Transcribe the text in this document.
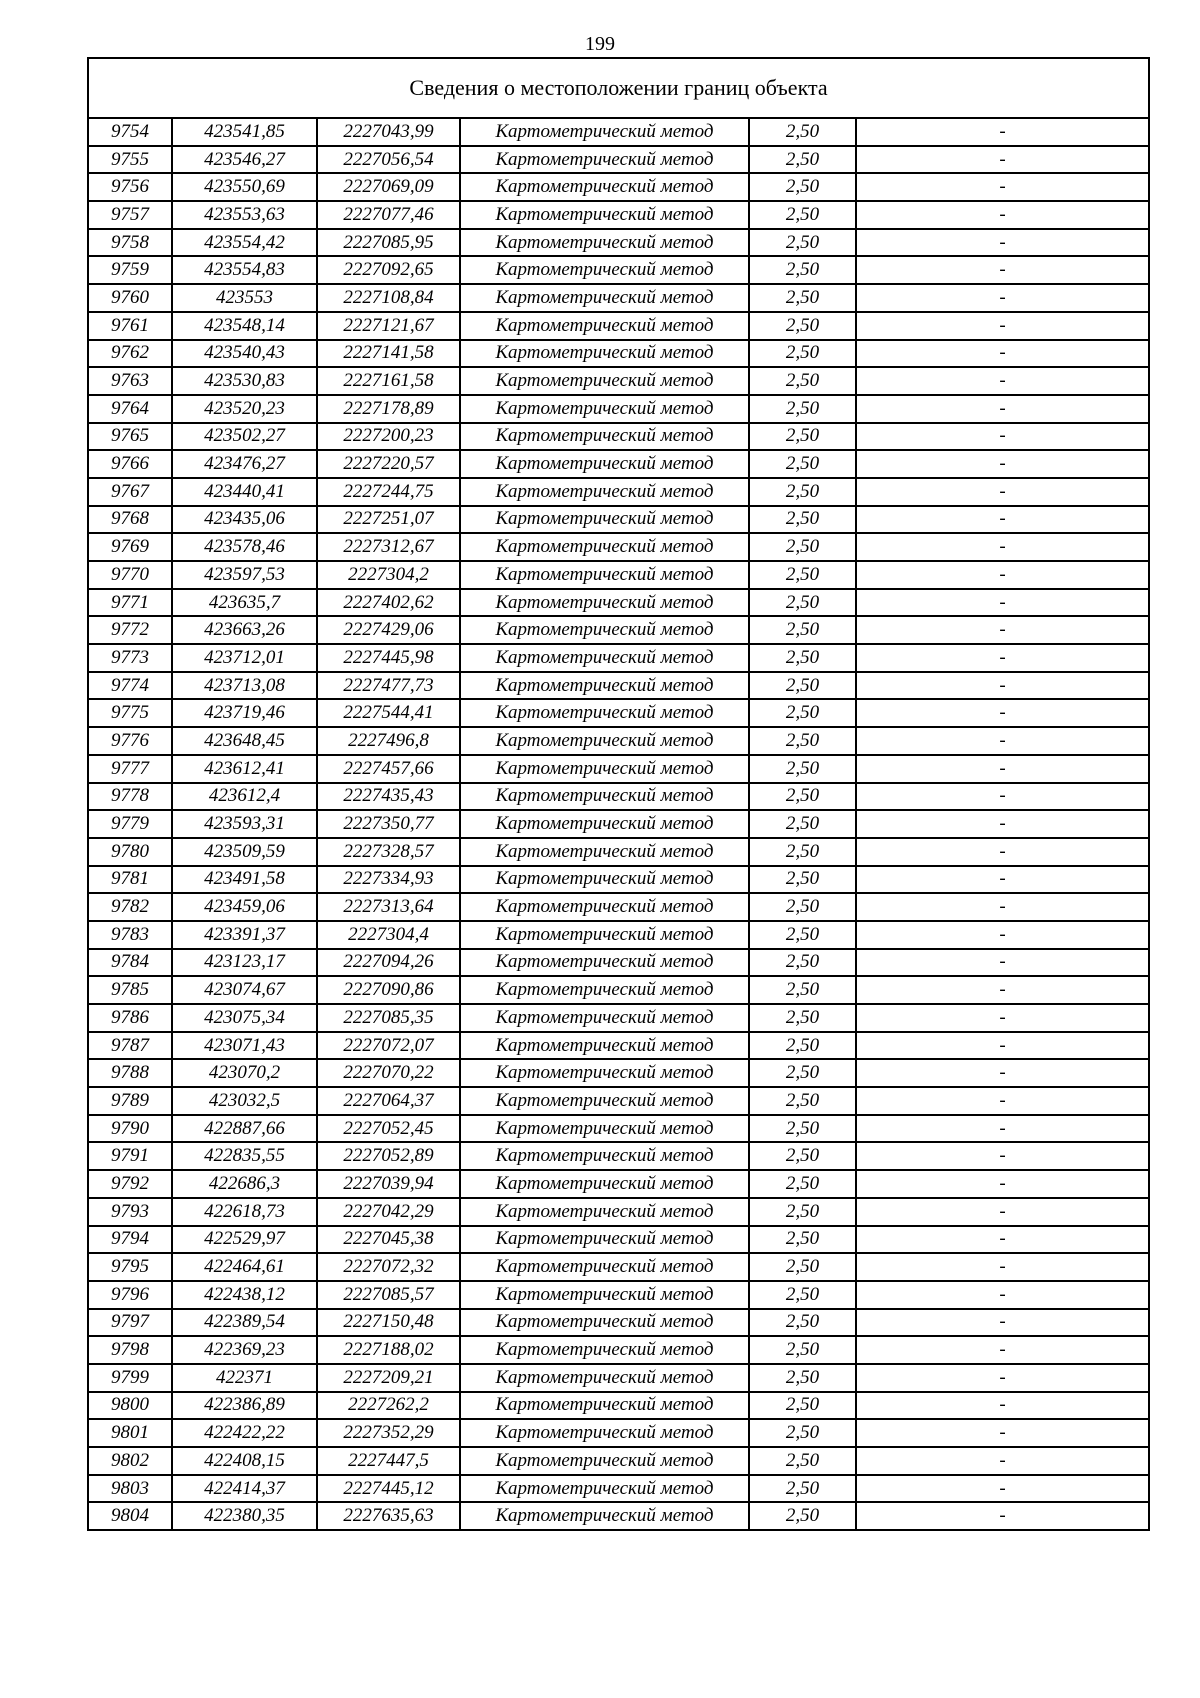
199
Сведения о местоположении границ объекта					
9754	423541,85	2227043,99	Картометрический метод	2,50	-
9755	423546,27	2227056,54	Картометрический метод	2,50	-
9756	423550,69	2227069,09	Картометрический метод	2,50	-
9757	423553,63	2227077,46	Картометрический метод	2,50	-
9758	423554,42	2227085,95	Картометрический метод	2,50	-
9759	423554,83	2227092,65	Картометрический метод	2,50	-
9760	423553	2227108,84	Картометрический метод	2,50	-
9761	423548,14	2227121,67	Картометрический метод	2,50	-
9762	423540,43	2227141,58	Картометрический метод	2,50	-
9763	423530,83	2227161,58	Картометрический метод	2,50	-
9764	423520,23	2227178,89	Картометрический метод	2,50	-
9765	423502,27	2227200,23	Картометрический метод	2,50	-
9766	423476,27	2227220,57	Картометрический метод	2,50	-
9767	423440,41	2227244,75	Картометрический метод	2,50	-
9768	423435,06	2227251,07	Картометрический метод	2,50	-
9769	423578,46	2227312,67	Картометрический метод	2,50	-
9770	423597,53	2227304,2	Картометрический метод	2,50	-
9771	423635,7	2227402,62	Картометрический метод	2,50	-
9772	423663,26	2227429,06	Картометрический метод	2,50	-
9773	423712,01	2227445,98	Картометрический метод	2,50	-
9774	423713,08	2227477,73	Картометрический метод	2,50	-
9775	423719,46	2227544,41	Картометрический метод	2,50	-
9776	423648,45	2227496,8	Картометрический метод	2,50	-
9777	423612,41	2227457,66	Картометрический метод	2,50	-
9778	423612,4	2227435,43	Картометрический метод	2,50	-
9779	423593,31	2227350,77	Картометрический метод	2,50	-
9780	423509,59	2227328,57	Картометрический метод	2,50	-
9781	423491,58	2227334,93	Картометрический метод	2,50	-
9782	423459,06	2227313,64	Картометрический метод	2,50	-
9783	423391,37	2227304,4	Картометрический метод	2,50	-
9784	423123,17	2227094,26	Картометрический метод	2,50	-
9785	423074,67	2227090,86	Картометрический метод	2,50	-
9786	423075,34	2227085,35	Картометрический метод	2,50	-
9787	423071,43	2227072,07	Картометрический метод	2,50	-
9788	423070,2	2227070,22	Картометрический метод	2,50	-
9789	423032,5	2227064,37	Картометрический метод	2,50	-
9790	422887,66	2227052,45	Картометрический метод	2,50	-
9791	422835,55	2227052,89	Картометрический метод	2,50	-
9792	422686,3	2227039,94	Картометрический метод	2,50	-
9793	422618,73	2227042,29	Картометрический метод	2,50	-
9794	422529,97	2227045,38	Картометрический метод	2,50	-
9795	422464,61	2227072,32	Картометрический метод	2,50	-
9796	422438,12	2227085,57	Картометрический метод	2,50	-
9797	422389,54	2227150,48	Картометрический метод	2,50	-
9798	422369,23	2227188,02	Картометрический метод	2,50	-
9799	422371	2227209,21	Картометрический метод	2,50	-
9800	422386,89	2227262,2	Картометрический метод	2,50	-
9801	422422,22	2227352,29	Картометрический метод	2,50	-
9802	422408,15	2227447,5	Картометрический метод	2,50	-
9803	422414,37	2227445,12	Картометрический метод	2,50	-
9804	422380,35	2227635,63	Картометрический метод	2,50	-
